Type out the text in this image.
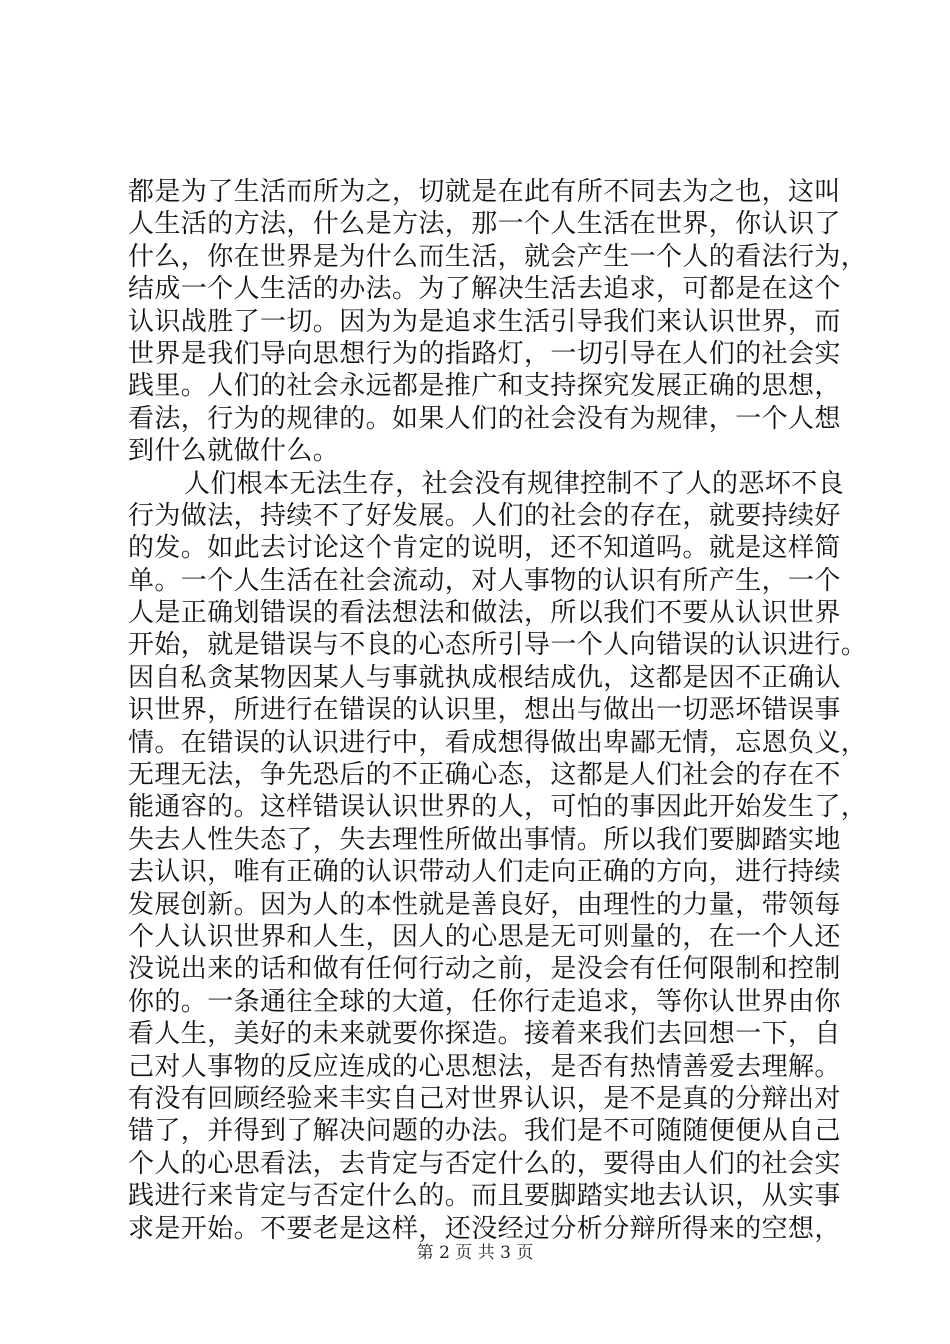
都是为了生活而所为之，切就是在此有所不同去为之也，这叫
人生活的方法，什么是方法，那一个人生活在世界，你认识了
什么，你在世界是为什么而生活，就会产生一个人的看法行为，
结成一个人生活的办法。为了解决生活去追求，可都是在这个
认识战胜了一切。因为为是追求生活引导我们来认识世界，而
世界是我们导向思想行为的指路灯，一切引导在人们的社会实
践里。人们的社会永远都是推广和支持探究发展正确的思想，
看法，行为的规律的。如果人们的社会没有为规律，一个人想
到什么就做什么。
人们根本无法生存，社会没有规律控制不了人的恶坏不良
行为做法，持续不了好发展。人们的社会的存在，就要持续好
的发。如此去讨论这个肯定的说明，还不知道吗。就是这样简
单。一个人生活在社会流动，对人事物的认识有所产生，一个
人是正确划错误的看法想法和做法，所以我们不要从认识世界
开始，就是错误与不良的心态所引导一个人向错误的认识进行。
因自私贪某物因某人与事就执成根结成仇，这都是因不正确认
识世界，所进行在错误的认识里，想出与做出一切恶坏错误事
情。在错误的认识进行中，看成想得做出卑鄙无情，忘恩负义，
无理无法，争先恐后的不正确心态，这都是人们社会的存在不
能通容的。这样错误认识世界的人，可怕的事因此开始发生了，
失去人性失态了，失去理性所做出事情。所以我们要脚踏实地
去认识，唯有正确的认识带动人们走向正确的方向，进行持续
发展创新。因为人的本性就是善良好，由理性的力量，带领每
个人认识世界和人生，因人的心思是无可则量的，在一个人还
没说出来的话和做有任何行动之前，是没会有任何限制和控制
你的。一条通往全球的大道，任你行走追求，等你认世界由你
看人生，美好的未来就要你探造。接着来我们去回想一下，自
己对人事物的反应连成的心思想法，是否有热情善爱去理解。
有没有回顾经验来丰实自己对世界认识，是不是真的分辩出对
错了，并得到了解决问题的办法。我们是不可随随便便从自己
个人的心思看法，去肯定与否定什么的，要得由人们的社会实
践进行来肯定与否定什么的。而且要脚踏实地去认识，从实事
求是开始。不要老是这样，还没经过分析分辩所得来的空想，
第 2 页 共 3 页
